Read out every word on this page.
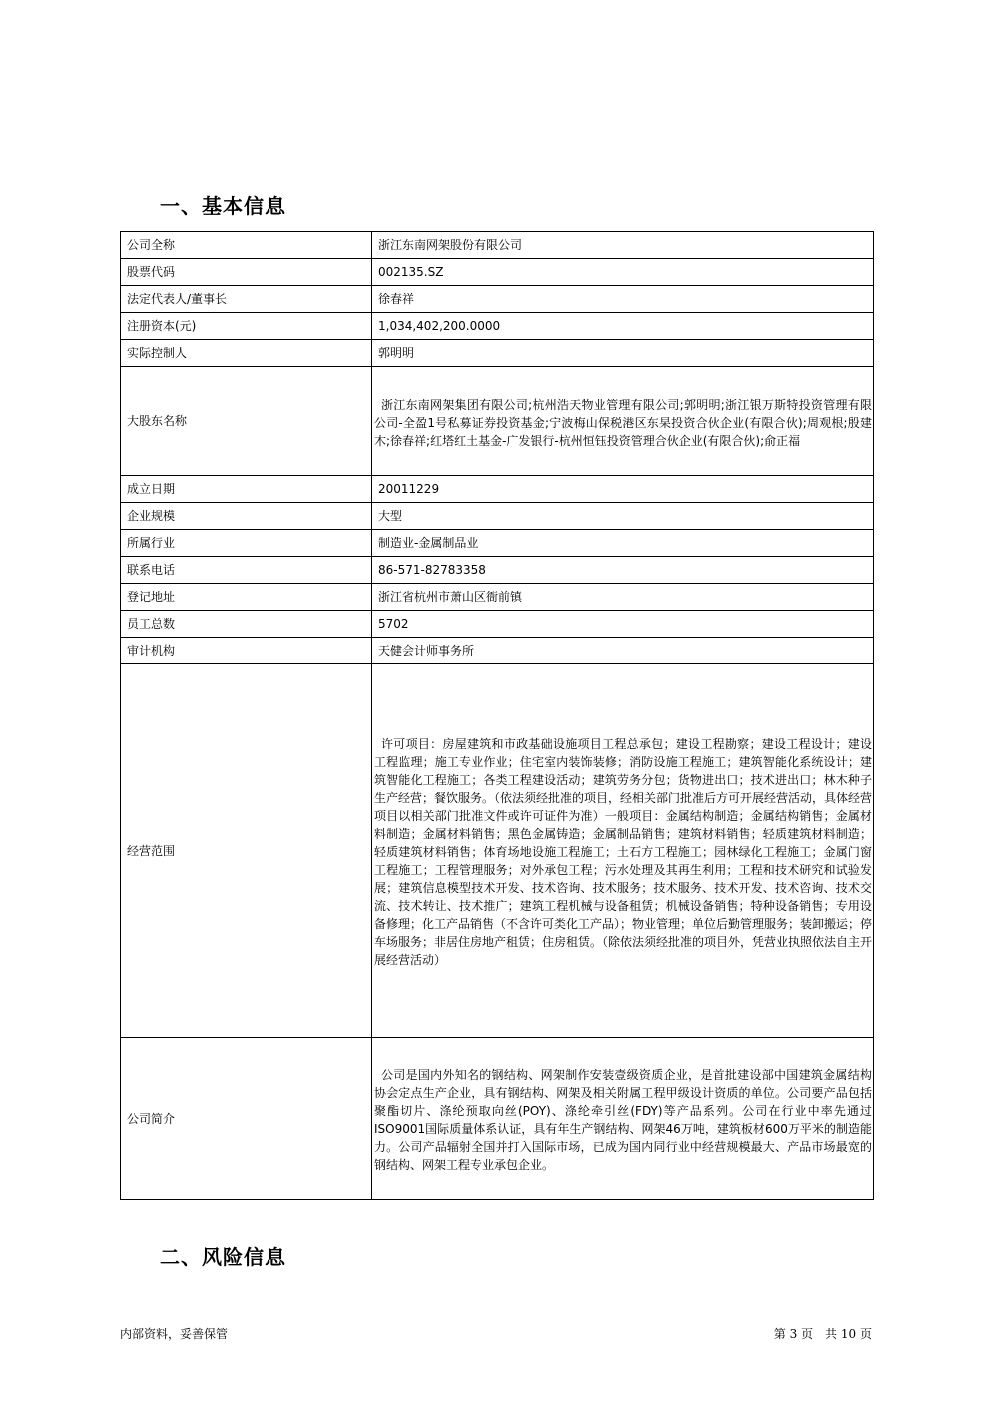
一、基本信息
公司全称	浙江东南网架股份有限公司
股票代码	002135.SZ
法定代表人/董事长	徐春祥
注册资本(元)	1,034,402,200.0000
实际控制人	郭明明
大股东名称	浙江东南网架集团有限公司;杭州浩天物业管理有限公司;郭明明;浙江银万斯特投资管理有限公司-全盈1号私募证券投资基金;宁波梅山保税港区东杲投资合伙企业(有限合伙);周观根;殷建木;徐春祥;红塔红土基金-广发银行-杭州恒钰投资管理合伙企业(有限合伙);俞正福

成立日期	20011229
企业规模	大型
所属行业	制造业-金属制品业
联系电话	86-571-82783358
登记地址	浙江省杭州市萧山区衙前镇
员工总数	5702
审计机构	天健会计师事务所
经营范围	许可项目：房屋建筑和市政基础设施项目工程总承包；建设工程勘察；建设工程设计；建设工程监理；施工专业作业；住宅室内装饰装修；消防设施工程施工；建筑智能化系统设计；建筑智能化工程施工；各类工程建设活动；建筑劳务分包；货物进出口；技术进出口；林木种子生产经营；餐饮服务。（依法须经批准的项目，经相关部门批准后方可开展经营活动，具体经营项目以相关部门批准文件或许可证件为准）一般项目：金属结构制造；金属结构销售；金属材料制造；金属材料销售；黑色金属铸造；金属制品销售；建筑材料销售；轻质建筑材料制造；轻质建筑材料销售；体育场地设施工程施工；土石方工程施工；园林绿化工程施工；金属门窗工程施工；工程管理服务；对外承包工程；污水处理及其再生利用；工程和技术研究和试验发展；建筑信息模型技术开发、技术咨询、技术服务；技术服务、技术开发、技术咨询、技术交流、技术转让、技术推广；建筑工程机械与设备租赁；机械设备销售；特种设备销售；专用设备修理；化工产品销售（不含许可类化工产品）；物业管理；单位后勤管理服务；装卸搬运；停车场服务；非居住房地产租赁；住房租赁。（除依法须经批准的项目外，凭营业执照依法自主开展经营活动）

公司简介	公司是国内外知名的钢结构、网架制作安装壹级资质企业，是首批建设部中国建筑金属结构协会定点生产企业，具有钢结构、网架及相关附属工程甲级设计资质的单位。公司要产品包括聚酯切片、涤纶预取向丝(POY)、涤纶牵引丝(FDY)等产品系列。公司在行业中率先通过ISO9001国际质量体系认证，具有年生产钢结构、网架46万吨，建筑板材600万平米的制造能力。公司产品辐射全国并打入国际市场，已成为国内同行业中经营规模最大、产品市场最宽的钢结构、网架工程专业承包企业。
二、风险信息
内部资料，妥善保管	第 3 页　共 10 页
